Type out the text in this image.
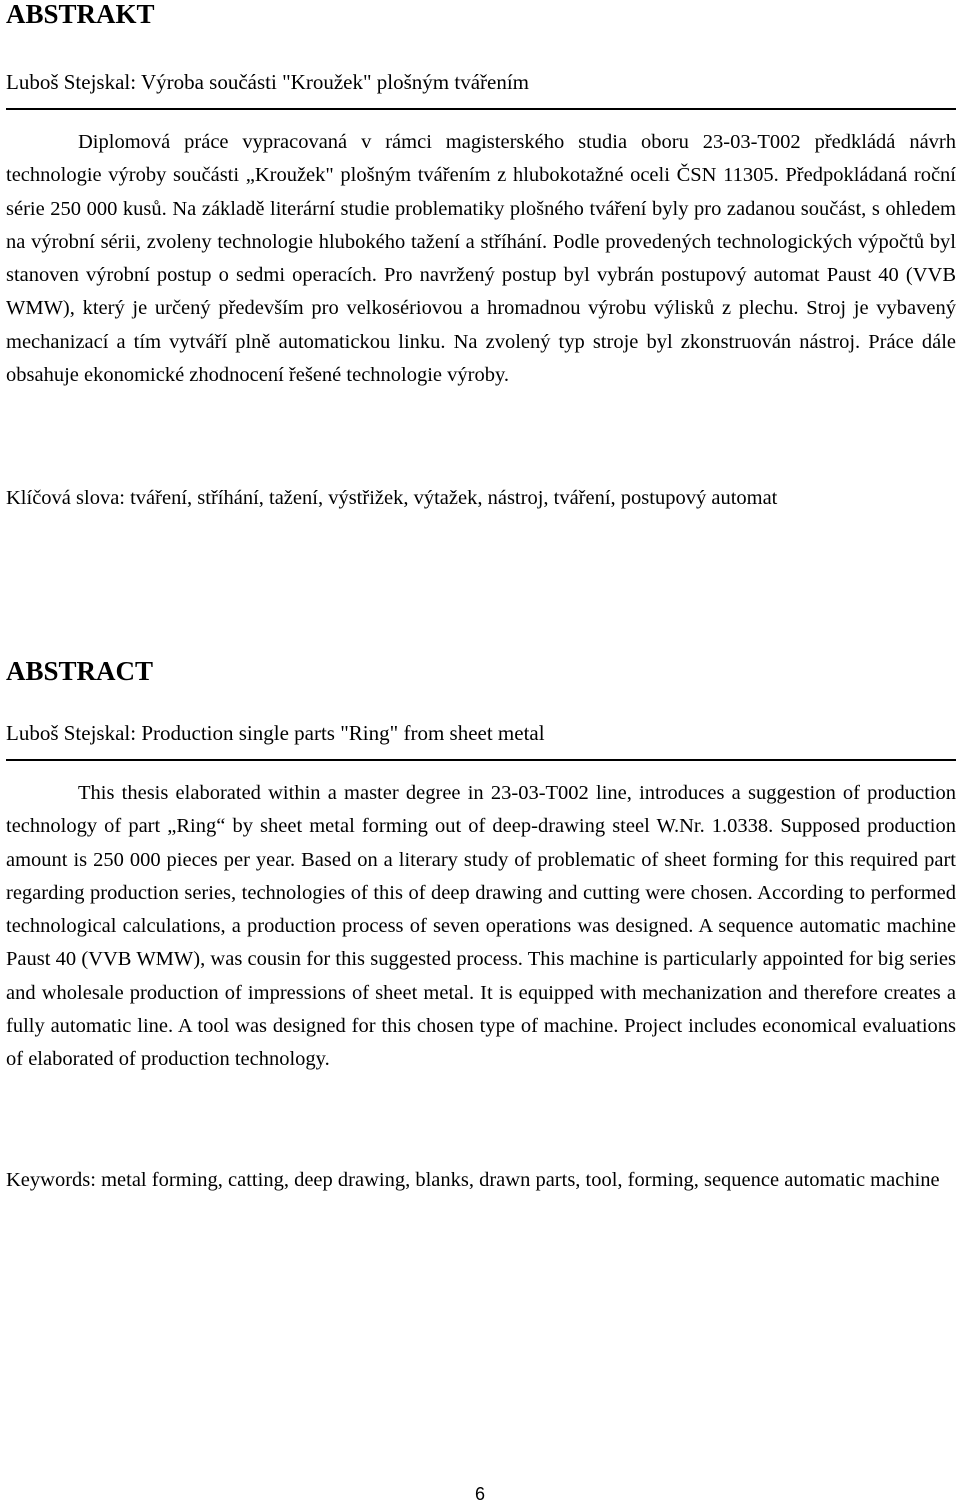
ABSTRAKT

Luboš Stejskal: Výroba součásti "Kroužek" plošným tvářením

Diplomová práce vypracovaná v rámci magisterského studia oboru 23-03-T002 předkládá návrh technologie výroby součásti „Kroužek" plošným tvářením z hlubokotažné oceli ČSN 11305. Předpokládaná roční série 250 000 kusů. Na základě literární studie problematiky plošného tváření byly pro zadanou součást, s ohledem na výrobní sérii, zvoleny technologie hlubokého tažení a stříhání. Podle provedených technologických výpočtů byl stanoven výrobní postup o sedmi operacích. Pro navržený postup byl vybrán postupový automat Paust 40 (VVB WMW), který je určený především pro velkosériovou a hromadnou výrobu výlisků z plechu. Stroj je vybavený mechanizací a tím vytváří plně automatickou linku. Na zvolený typ stroje byl zkonstruován nástroj. Práce dále obsahuje ekonomické zhodnocení řešené technologie výroby.

Klíčová slova: tváření, stříhání, tažení, výstřižek, výtažek, nástroj, tváření, postupový automat

ABSTRACT

Luboš Stejskal: Production single parts "Ring" from sheet metal

This thesis elaborated within a master degree in 23-03-T002 line, introduces a suggestion of production technology of part „Ring“ by sheet metal forming out of deep-drawing steel W.Nr. 1.0338. Supposed production amount is 250 000 pieces per year. Based on a literary study of problematic of sheet forming for this required part regarding production series, technologies of this of deep drawing and cutting were chosen. According to performed technological calculations, a production process of seven operations was designed. A sequence automatic machine Paust 40 (VVB WMW), was cousin for this suggested process. This machine is particularly appointed for big series and wholesale production of impressions of sheet metal. It is equipped with mechanization and therefore creates a fully automatic line. A tool was designed for this chosen type of machine. Project includes economical evaluations of elaborated of production technology.

Keywords: metal forming, catting, deep drawing, blanks, drawn parts, tool, forming, sequence automatic machine

6
